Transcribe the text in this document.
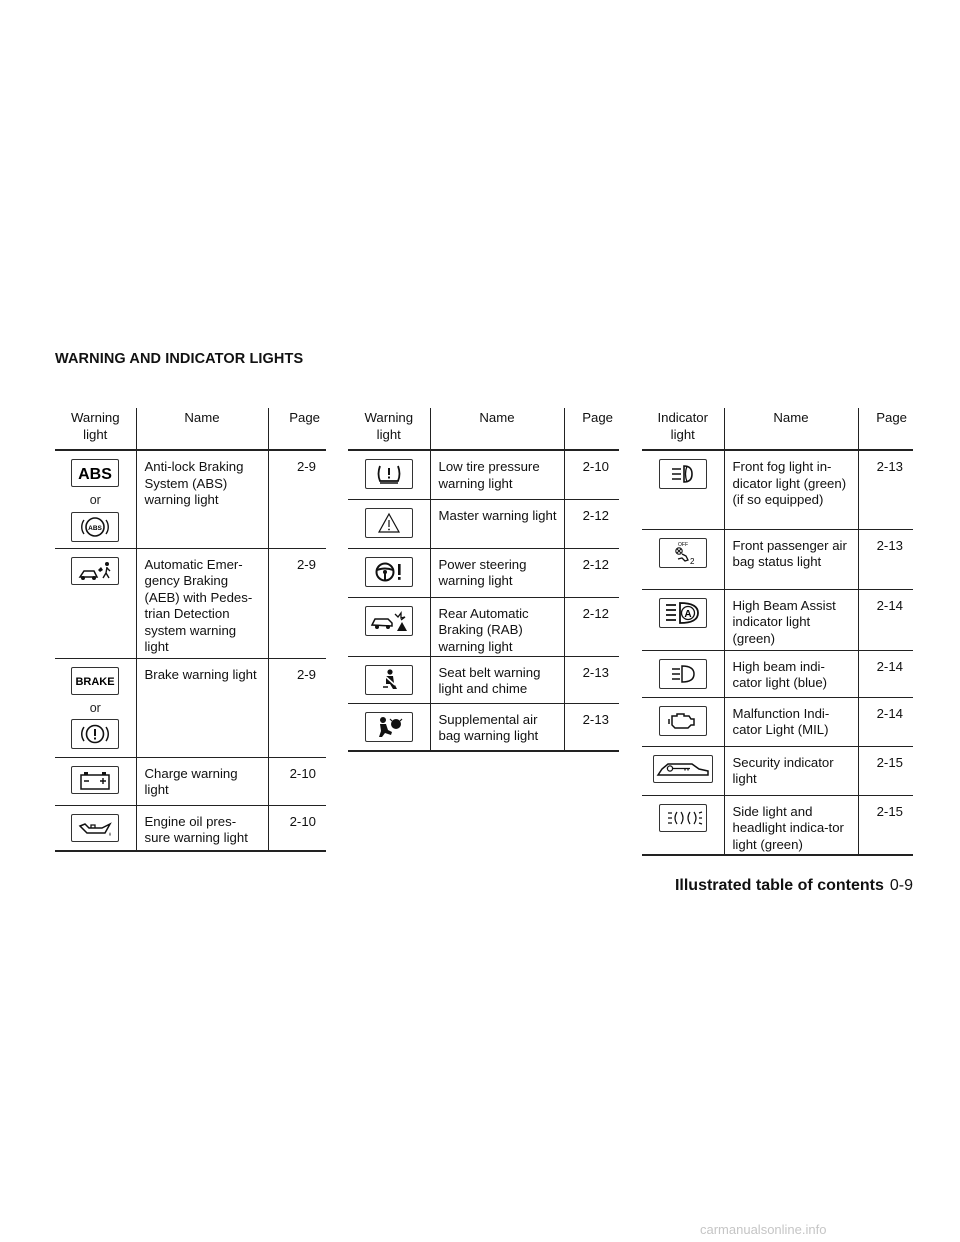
WARNING AND INDICATOR LIGHTS
Warning light	Name	Page

ABS
or
ABS	Anti-lock Braking System (ABS) warning light	2-9

	Automatic Emer-gency Braking (AEB) with Pedes-trian Detection system warning light	2-9

BRAKE
or	Brake warning light	2-9

	Charge warning light	2-10

	Engine oil pres-sure warning light	2-10
Warning light	Name	Page

	Low tire pressure warning light	2-10

	Master warning light	2-12

	Power steering warning light	2-12

	Rear Automatic Braking (RAB) warning light	2-12

	Seat belt warning light and chime	2-13

	Supplemental air bag warning light	2-13
Indicator light	Name	Page

	Front fog light in-dicator light (green) (if so equipped)	2-13

OFF
2	Front passenger air bag status light	2-13

A	High Beam Assist indicator light (green)	2-14

	High beam indi-cator light (blue)	2-14

	Malfunction Indi-cator Light (MIL)	2-14

	Security indicator light	2-15

	Side light and headlight indica-tor light (green)	2-15
Illustrated table of contents 0-9
carmanualsonline.info
